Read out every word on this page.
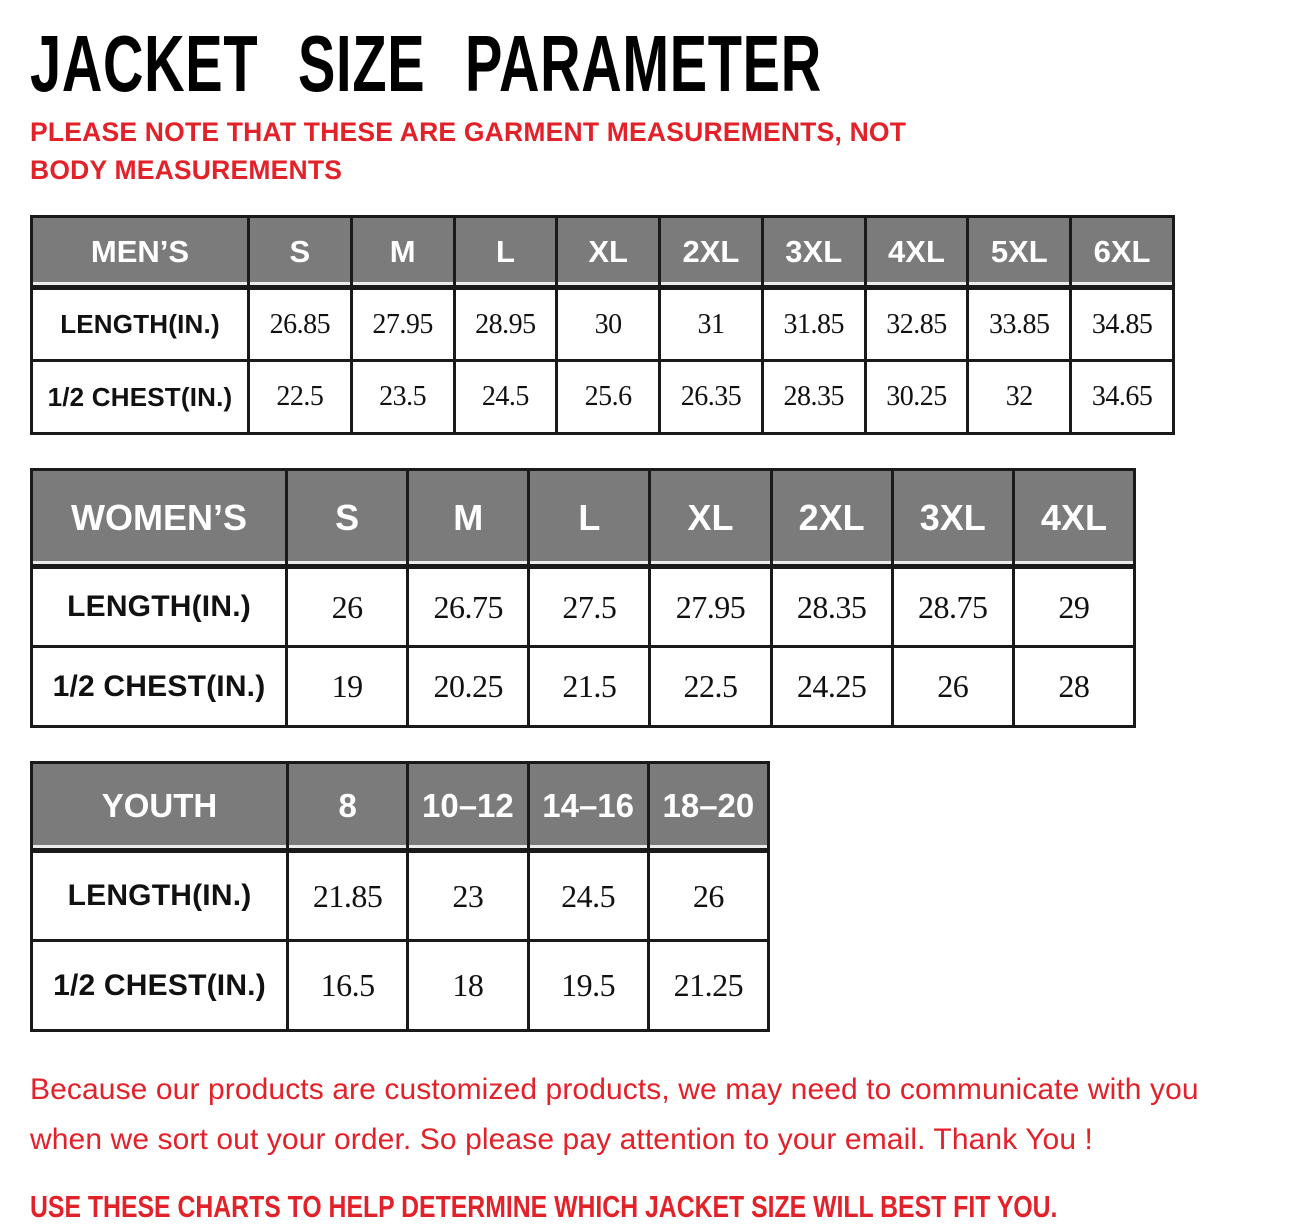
JACKET SIZE PARAMETER

PLEASE NOTE THAT THESE ARE GARMENT MEASUREMENTS, NOT BODY MEASUREMENTS

MEN’S	S	M	L	XL	2XL	3XL	4XL	5XL	6XL
LENGTH(IN.)	26.85	27.95	28.95	30	31	31.85	32.85	33.85	34.85
1/2 CHEST(IN.)	22.5	23.5	24.5	25.6	26.35	28.35	30.25	32	34.65
WOMEN’S	S	M	L	XL	2XL	3XL	4XL
LENGTH(IN.)	26	26.75	27.5	27.95	28.35	28.75	29
1/2 CHEST(IN.)	19	20.25	21.5	22.5	24.25	26	28
YOUTH	8	10–12	14–16	18–20
LENGTH(IN.)	21.85	23	24.5	26
1/2 CHEST(IN.)	16.5	18	19.5	21.25
Because our products are customized products, we may need to communicate with you
when we sort out your order. So please pay attention to your email. Thank You !
USE THESE CHARTS TO HELP DETERMINE WHICH JACKET SIZE WILL BEST FIT YOU.
